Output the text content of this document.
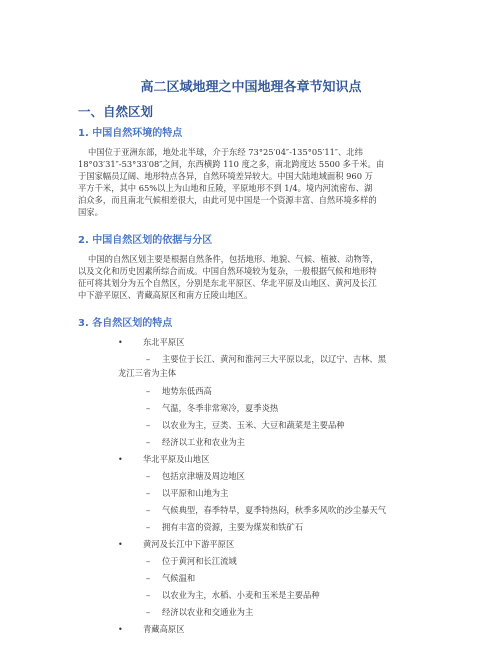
高二区域地理之中国地理各章节知识点
一、自然区划
1. 中国自然环境的特点
中国位于亚洲东部，地处北半球，介于东经 73°25′04″-135°05′11″、北纬
18°03′31″-53°33′08″之间，东西横跨 110 度之多，南北跨度达 5500 多千米。由
于国家幅员辽阔、地形特点各异，自然环境差异较大。中国大陆地域面积 960 万
平方千米，其中 65%以上为山地和丘陵，平原地形不到 1/4。境内河流密布、湖
泊众多，而且南北气候相差很大，由此可见中国是一个资源丰富、自然环境多样的
国家。
2. 中国自然区划的依据与分区
中国的自然区划主要是根据自然条件，包括地形、地貌、气候、植被、动物等，
以及文化和历史因素所综合而成。中国自然环境较为复杂，一般根据气候和地形特
征可将其划分为五个自然区，分别是东北平原区、华北平原及山地区、黄河及长江
中下游平原区、青藏高原区和南方丘陵山地区。
3. 各自然区划的特点
• 东北平原区
– 主要位于长江、黄河和淮河三大平原以北，以辽宁、吉林、黑
龙江三省为主体
– 地势东低西高
– 气温，冬季非常寒冷，夏季炎热
– 以农业为主，豆类、玉米、大豆和蔬菜是主要品种
– 经济以工业和农业为主
• 华北平原及山地区
– 包括京津塘及周边地区
– 以平原和山地为主
– 气候典型，春季特旱，夏季特热闷，秋季多风吹的沙尘暴天气
– 拥有丰富的资源，主要为煤炭和铁矿石
• 黄河及长江中下游平原区
– 位于黄河和长江流域
– 气候温和
– 以农业为主，水稻、小麦和玉米是主要品种
– 经济以农业和交通业为主
• 青藏高原区
